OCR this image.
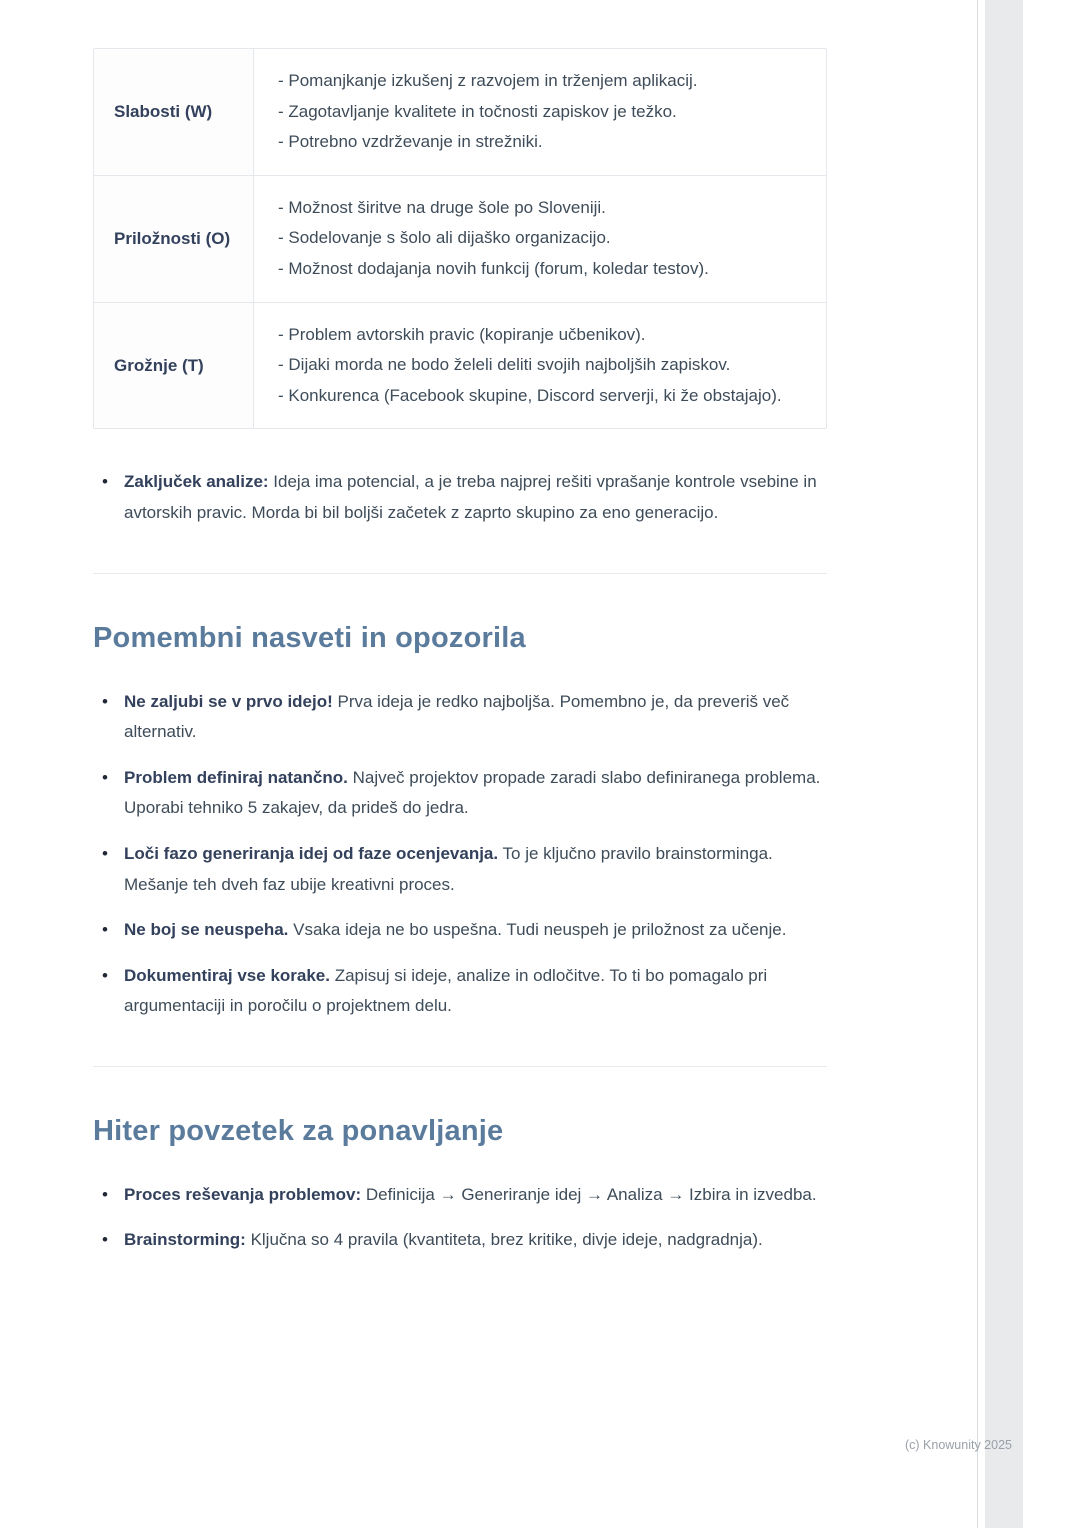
Slabosti (W)
- Pomanjkanje izkušenj z razvojem in trženjem aplikacij.
- Zagotavljanje kvalitete in točnosti zapiskov je težko.
- Potrebno vzdrževanje in strežniki.
Priložnosti (O)
- Možnost širitve na druge šole po Sloveniji.
- Sodelovanje s šolo ali dijaško organizacijo.
- Možnost dodajanja novih funkcij (forum, koledar testov).
Grožnje (T)
- Problem avtorskih pravic (kopiranje učbenikov).
- Dijaki morda ne bodo želeli deliti svojih najboljših zapiskov.
- Konkurenca (Facebook skupine, Discord serverji, ki že obstajajo).
• Zaključek analize: Ideja ima potencial, a je treba najprej rešiti vprašanje kontrole vsebine in avtorskih pravic. Morda bi bil boljši začetek z zaprto skupino za eno generacijo.
Pomembni nasveti in opozorila
• Ne zaljubi se v prvo idejo! Prva ideja je redko najboljša. Pomembno je, da preveriš več alternativ.
• Problem definiraj natančno. Največ projektov propade zaradi slabo definiranega problema. Uporabi tehniko 5 zakajev, da prideš do jedra.
• Loči fazo generiranja idej od faze ocenjevanja. To je ključno pravilo brainstorminga. Mešanje teh dveh faz ubije kreativni proces.
• Ne boj se neuspeha. Vsaka ideja ne bo uspešna. Tudi neuspeh je priložnost za učenje.
• Dokumentiraj vse korake. Zapisuj si ideje, analize in odločitve. To ti bo pomagalo pri argumentaciji in poročilu o projektnem delu.
Hiter povzetek za ponavljanje
• Proces reševanja problemov: Definicija → Generiranje idej → Analiza → Izbira in izvedba.
• Brainstorming: Ključna so 4 pravila (kvantiteta, brez kritike, divje ideje, nadgradnja).
(c) Knowunity 2025
